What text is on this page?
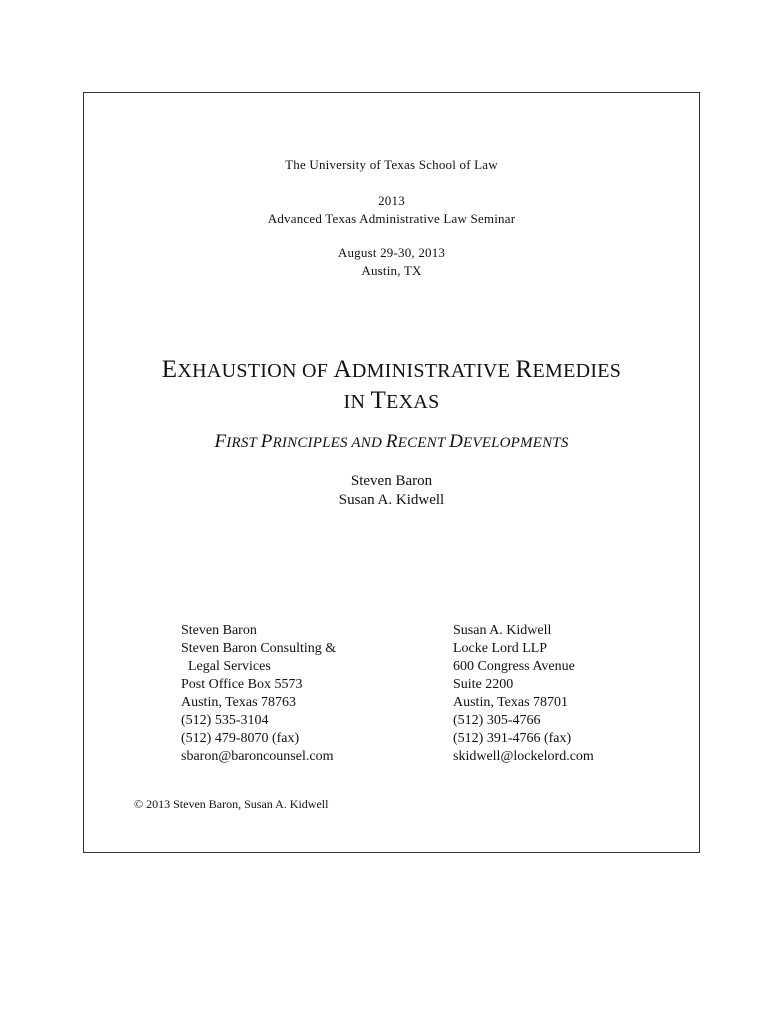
The University of Texas School of Law
2013
Advanced Texas Administrative Law Seminar
August 29-30, 2013
Austin, TX
EXHAUSTION OF ADMINISTRATIVE REMEDIES
IN TEXAS
FIRST PRINCIPLES AND RECENT DEVELOPMENTS
Steven Baron
Susan A. Kidwell
Steven Baron
Steven Baron Consulting &
Legal Services
Post Office Box 5573
Austin, Texas 78763
(512) 535-3104
(512) 479-8070 (fax)
sbaron@baroncounsel.com
Susan A. Kidwell
Locke Lord LLP
600 Congress Avenue
Suite 2200
Austin, Texas 78701
(512) 305-4766
(512) 391-4766 (fax)
skidwell@lockelord.com
© 2013 Steven Baron, Susan A. Kidwell
